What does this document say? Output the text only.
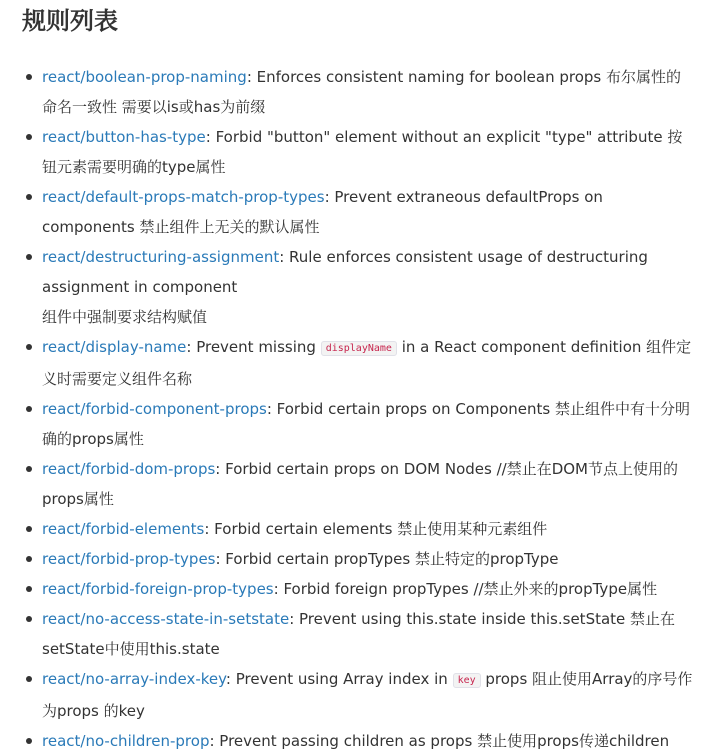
规则列表
react/boolean-prop-naming: Enforces consistent naming for boolean props 布尔属性的命名一致性 需要以is或has为前缀
react/button-has-type: Forbid "button" element without an explicit "type" attribute 按钮元素需要明确的type属性
react/default-props-match-prop-types: Prevent extraneous defaultProps on components 禁止组件上无关的默认属性
react/destructuring-assignment: Rule enforces consistent usage of destructuring assignment in component
组件中强制要求结构赋值
react/display-name: Prevent missing displayName in a React component definition 组件定义时需要定义组件名称
react/forbid-component-props: Forbid certain props on Components 禁止组件中有十分明确的props属性
react/forbid-dom-props: Forbid certain props on DOM Nodes //禁止在DOM节点上使用的props属性
react/forbid-elements: Forbid certain elements 禁止使用某种元素组件
react/forbid-prop-types: Forbid certain propTypes 禁止特定的propType
react/forbid-foreign-prop-types: Forbid foreign propTypes //禁止外来的propType属性
react/no-access-state-in-setstate: Prevent using this.state inside this.setState 禁止在setState中使用this.state
react/no-array-index-key: Prevent using Array index in key props 阻止使用Array的序号作为props 的key
react/no-children-prop: Prevent passing children as props 禁止使用props传递children
